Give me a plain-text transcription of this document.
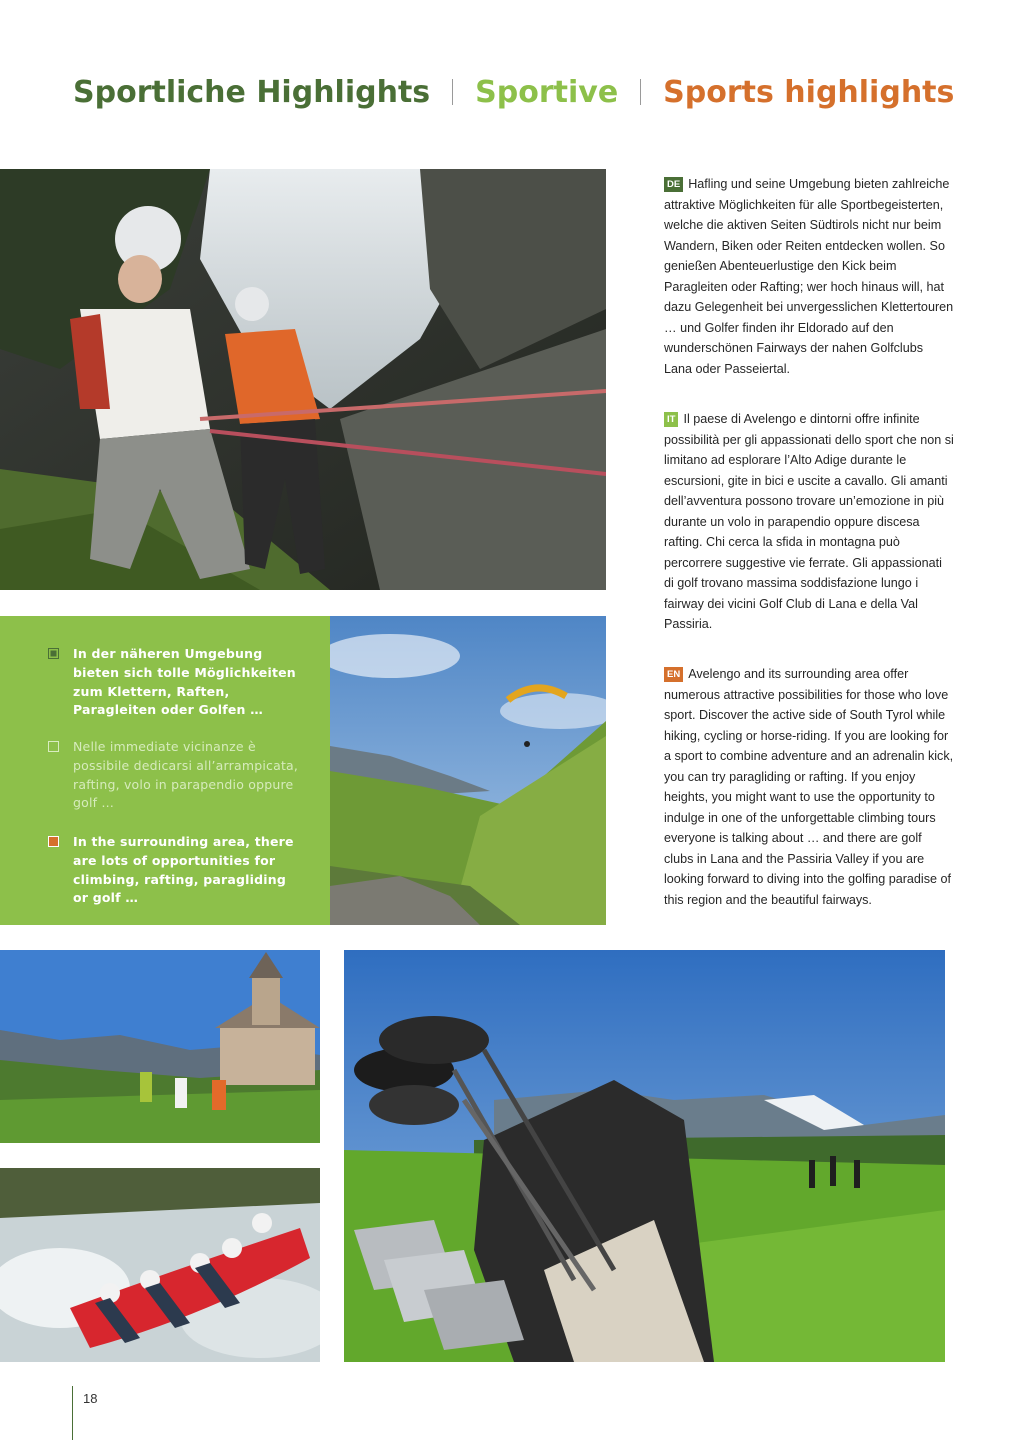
Sportliche Highlights Sportive Sports highlights
In der näheren Umgebung bieten sich tolle Möglichkeiten zum Klettern, Raften, Paragleiten oder Golfen …
Nelle immediate vicinanze è possibile dedicarsi all’arrampicata, rafting, volo in parapendio oppure golf …
In the surrounding area, there are lots of opportunities for climbing, rafting, paragliding or golf …
DE Hafling und seine Umgebung bieten zahlreiche attraktive Möglichkeiten für alle Sportbegeisterten, welche die aktiven Seiten Südtirols nicht nur beim Wandern, Biken oder Reiten entdecken wollen. So genießen Abenteuerlustige den Kick beim Paragleiten oder Rafting; wer hoch hinaus will, hat dazu Gelegenheit bei unvergesslichen Klettertouren … und Golfer finden ihr Eldorado auf den wunderschönen Fairways der nahen Golfclubs Lana oder Passeiertal.
IT Il paese di Avelengo e dintorni offre infinite possibilità per gli appassionati dello sport che non si limitano ad esplorare l’Alto Adige durante le escursioni, gite in bici e uscite a cavallo. Gli amanti dell’avventura possono trovare un’emozione in più durante un volo in parapendio oppure discesa rafting. Chi cerca la sfida in montagna può percorrere suggestive vie ferrate. Gli appassionati di golf trovano massima soddisfazione lungo i fairway dei vicini Golf Club di Lana e della Val Passiria.
EN Avelengo and its surrounding area offer numerous attractive possibilities for those who love sport. Discover the active side of South Tyrol while hiking, cycling or horse-riding. If you are looking for a sport to combine adventure and an adrenalin kick, you can try paragliding or rafting. If you enjoy heights, you might want to use the opportunity to indulge in one of the unforgettable climbing tours everyone is talking about … and there are golf clubs in Lana and the Passiria Valley if you are looking forward to diving into the golfing paradise of this region and the beautiful fairways.
18
